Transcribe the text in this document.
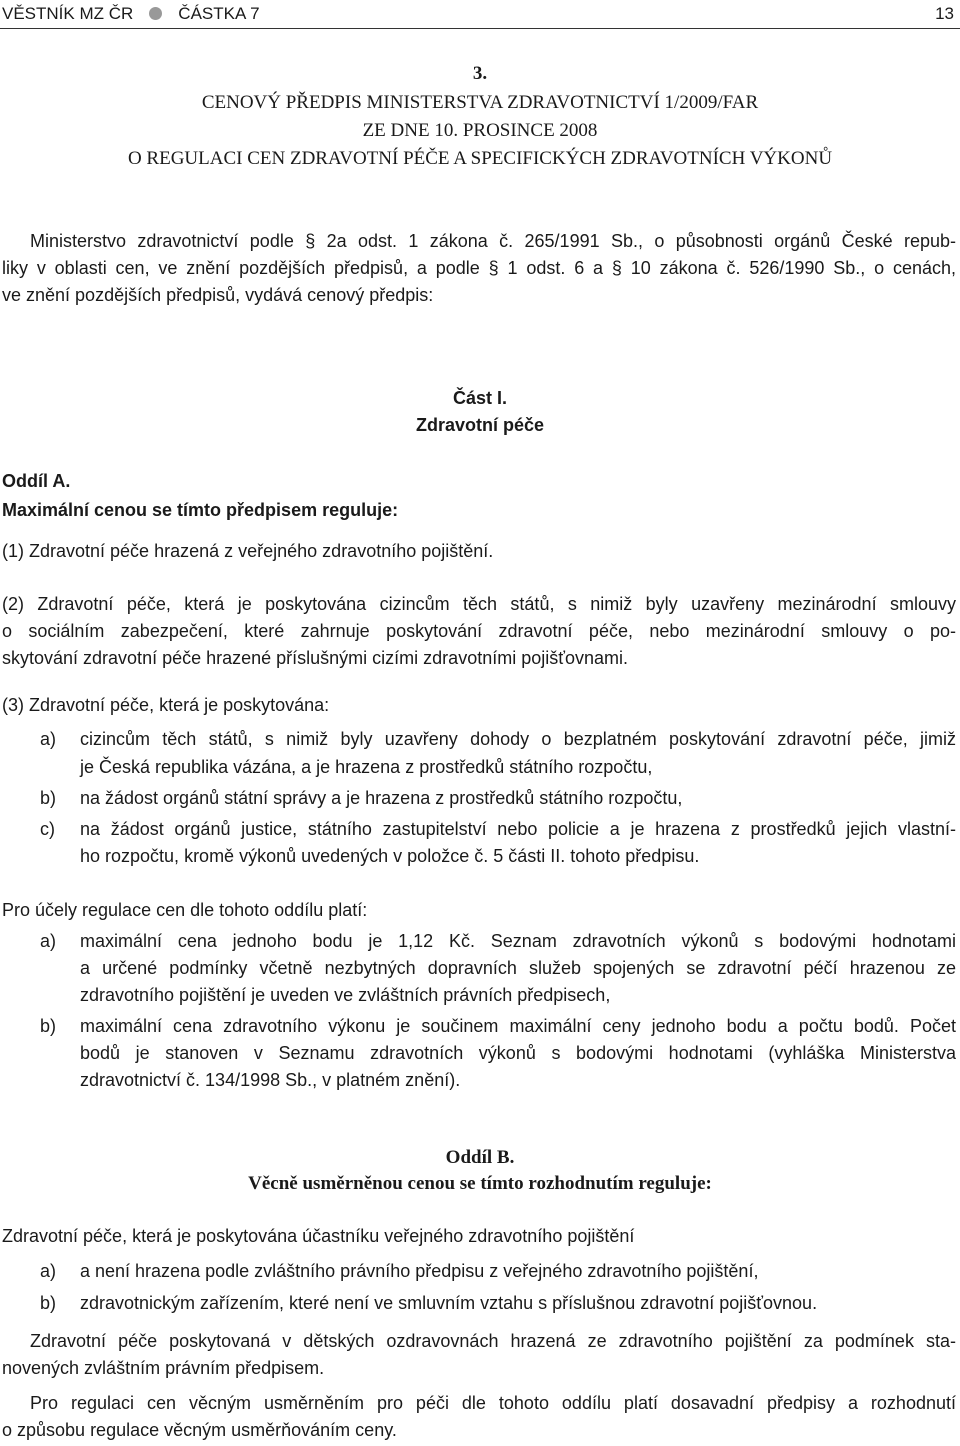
VĚSTNÍK MZ ČR	ČÁSTKA 7	13
3.
CENOVÝ PŘEDPIS MINISTERSTVA ZDRAVOTNICTVÍ 1/2009/FAR
ZE DNE 10. PROSINCE 2008
O REGULACI CEN ZDRAVOTNÍ PÉČE A SPECIFICKÝCH ZDRAVOTNÍCH VÝKONŮ
Ministerstvo zdravotnictví podle § 2a odst. 1 zákona č. 265/1991 Sb., o působnosti orgánů České repub-
liky v oblasti cen, ve znění pozdějších předpisů, a podle § 1 odst. 6 a § 10 zákona č. 526/1990 Sb., o cenách,
ve znění pozdějších předpisů, vydává cenový předpis:
Část I.
Zdravotní péče
Oddíl A.
Maximální cenou se tímto předpisem reguluje:
(1) Zdravotní péče hrazená z veřejného zdravotního pojištění.
(2) Zdravotní péče, která je poskytována cizincům těch států, s nimiž byly uzavřeny mezinárodní smlouvy
o sociálním zabezpečení, které zahrnuje poskytování zdravotní péče, nebo mezinárodní smlouvy o po-
skytování zdravotní péče hrazené příslušnými cizími zdravotními pojišťovnami.
(3) Zdravotní péče, která je poskytována:
a) cizincům těch států, s nimiž byly uzavřeny dohody o bezplatném poskytování zdravotní péče, jimiž
je Česká republika vázána, a je hrazena z prostředků státního rozpočtu,
b) na žádost orgánů státní správy a je hrazena z prostředků státního rozpočtu,
c) na žádost orgánů justice, státního zastupitelství nebo policie a je hrazena z prostředků jejich vlastní-
ho rozpočtu, kromě výkonů uvedených v položce č. 5 části II. tohoto předpisu.
Pro účely regulace cen dle tohoto oddílu platí:
a) maximální cena jednoho bodu je 1,12 Kč. Seznam zdravotních výkonů s bodovými hodnotami
a určené podmínky včetně nezbytných dopravních služeb spojených se zdravotní péčí hrazenou ze
zdravotního pojištění je uveden ve zvláštních právních předpisech,
b) maximální cena zdravotního výkonu je součinem maximální ceny jednoho bodu a počtu bodů. Počet
bodů je stanoven v Seznamu zdravotních výkonů s bodovými hodnotami (vyhláška Ministerstva
zdravotnictví č. 134/1998 Sb., v platném znění).
Oddíl B.
Věcně usměrněnou cenou se tímto rozhodnutím reguluje:
Zdravotní péče, která je poskytována účastníku veřejného zdravotního pojištění
a) a není hrazena podle zvláštního právního předpisu z veřejného zdravotního pojištění,
b) zdravotnickým zařízením, které není ve smluvním vztahu s příslušnou zdravotní pojišťovnou.
Zdravotní péče poskytovaná v dětských ozdravovnách hrazená ze zdravotního pojištění za podmínek sta-
novených zvláštním právním předpisem.
Pro regulaci cen věcným usměrněním pro péči dle tohoto oddílu platí dosavadní předpisy a rozhodnutí
o způsobu regulace věcným usměrňováním ceny.
